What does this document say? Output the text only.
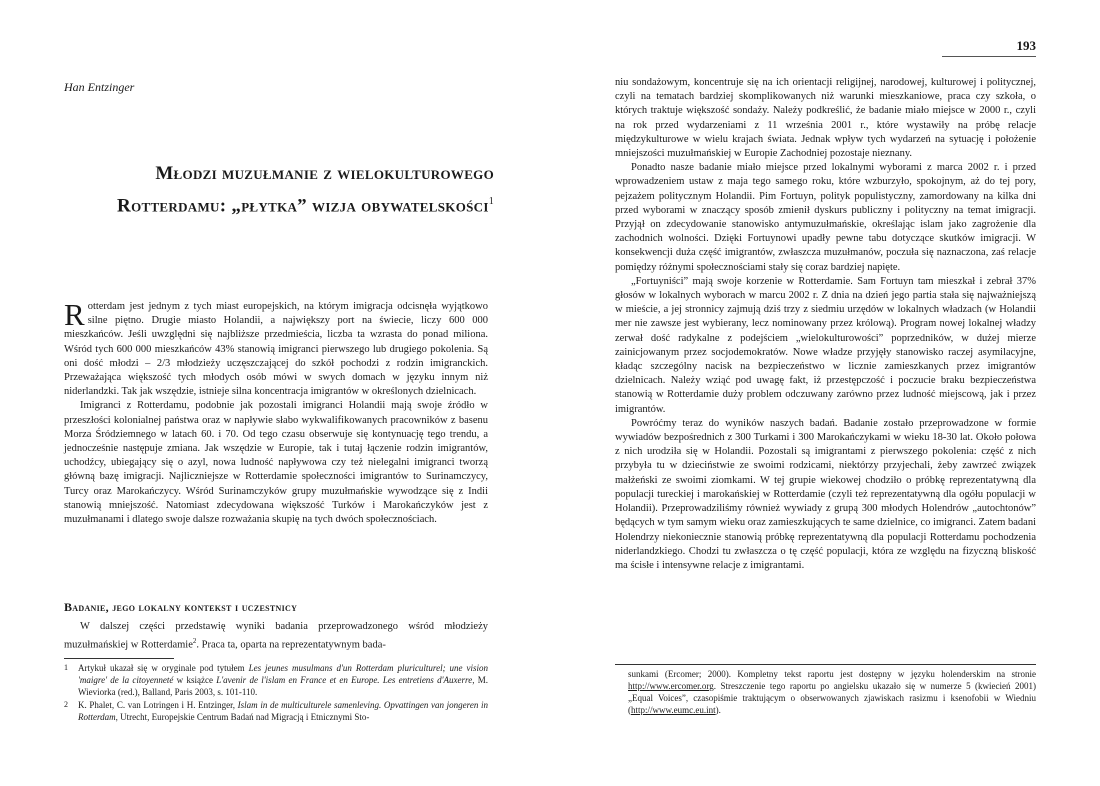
Han Entzinger
Młodzi muzułmanie z wielokulturowego
Rotterdamu: „płytka” wizja obywatelskości$^1$

Rotterdam jest jednym z tych miast europejskich, na którym imigracja odcisnęła wyjątkowo silne piętno. Drugie miasto Holandii, a największy port na świecie, liczy 600 000 mieszkańców. Jeśli uwzględni się najbliższe przedmieścia, liczba ta wzrasta do ponad miliona. Wśród tych 600 000 mieszkańców 43% stanowią imigranci pierwszego lub drugiego pokolenia. Są oni dość młodzi – 2/3 młodzieży uczęszczającej do szkół pochodzi z rodzin imigranckich. Przeważająca większość tych młodych osób mówi w swych domach w języku innym niż niderlandzki. Tak jak wszędzie, istnieje silna koncentracja imigrantów w określonych dzielnicach.

Imigranci z Rotterdamu, podobnie jak pozostali imigranci Holandii mają swoje źródło w przeszłości kolonialnej państwa oraz w napływie słabo wykwalifikowanych pracowników z basenu Morza Śródziemnego w latach 60. i 70. Od tego czasu obserwuje się kontynuację tego trendu, a jednocześnie następuje zmiana. Jak wszędzie w Europie, tak i tutaj łączenie rodzin imigrantów, uchodźcy, ubiegający się o azyl, nowa ludność napływowa czy też nielegalni imigranci tworzą główną bazę imigracji. Najliczniejsze w Rotterdamie społeczności imigrantów to Surinamczycy, Turcy oraz Marokańczycy. Wśród Surinamczyków grupy muzułmańskie wywodzące się z Indii stanowią mniejszość. Natomiast zdecydowana większość Turków i Marokańczyków jest z muzułmanami i dlatego swoje dalsze rozważania skupię na tych dwóch społecznościach.

Badanie, jego lokalny kontekst i uczestnicy
W dalszej części przedstawię wyniki badania przeprowadzonego wśród młodzieży muzułmańskiej w Rotterdamie$^2$. Praca ta, oparta na reprezentatywnym bada-
1 Artykuł ukazał się w oryginale pod tytułem Les jeunes musulmans d'un Rotterdam pluriculturel; une vision 'maigre' de la citoyenneté w książce L'avenir de l'islam en France et en Europe. Les entretiens d'Auxerre, M. Wieviorka (red.), Balland, Paris 2003, s. 101-110.
2 K. Phalet, C. van Lotringen i H. Entzinger, Islam in de multiculturele samenleving. Opvattingen van jongeren in Rotterdam, Utrecht, Europejskie Centrum Badań nad Migracją i Etnicznymi Sto-

niu sondażowym, koncentruje się na ich orientacji religijnej, narodowej, kulturowej i politycznej, czyli na tematach bardziej skomplikowanych niż warunki mieszkaniowe, praca czy szkoła, o których traktuje większość sondaży. Należy podkreślić, że badanie miało miejsce w 2000 r., czyli na rok przed wydarzeniami z 11 września 2001 r., które wystawiły na próbę relacje międzykulturowe w wielu krajach świata. Jednak wpływ tych wydarzeń na sytuację i położenie mniejszości muzułmańskiej w Europie Zachodniej pozostaje nieznany.

Ponadto nasze badanie miało miejsce przed lokalnymi wyborami z marca 2002 r. i przed wprowadzeniem ustaw z maja tego samego roku, które wzburzyło, spokojnym, aż do tej pory, pejzażem politycznym Holandii. Pim Fortuyn, polityk populistyczny, zamordowany na kilka dni przed wyborami w znaczący sposób zmienił dyskurs publiczny i polityczny na temat imigracji. Przyjął on zdecydowanie stanowisko antymuzułmańskie, określając islam jako zagrożenie dla zachodnich wolności. Dzięki Fortuynowi upadły pewne tabu dotyczące skutków imigracji. W konsekwencji duża część imigrantów, zwłaszcza muzułmanów, poczuła się naznaczona, zaś relacje pomiędzy różnymi społecznościami stały się coraz bardziej napięte.

„Fortuyniści” mają swoje korzenie w Rotterdamie. Sam Fortuyn tam mieszkał i zebrał 37% głosów w lokalnych wyborach w marcu 2002 r. Z dnia na dzień jego partia stała się najważniejszą w mieście, a jej stronnicy zajmują dziś trzy z siedmiu urzędów w lokalnych władzach (w Holandii mer nie zawsze jest wybierany, lecz nominowany przez królową). Program nowej lokalnej władzy zerwał dość radykalne z podejściem „wielokulturowości” poprzedników, w dużej mierze zainicjowanym przez socjodemokratów. Nowe władze przyjęły stanowisko raczej asymilacyjne, kładąc szczególny nacisk na bezpieczeństwo w licznie zamieszkanych przez imigrantów dzielnicach. Należy wziąć pod uwagę fakt, iż przestępczość i poczucie braku bezpieczeństwa stanowią w Rotterdamie duży problem odczuwany zarówno przez ludność miejscową, jak i przez imigrantów.

Powróćmy teraz do wyników naszych badań. Badanie zostało przeprowadzone w formie wywiadów bezpośrednich z 300 Turkami i 300 Marokańczykami w wieku 18-30 lat. Około połowa z nich urodziła się w Holandii. Pozostali są imigrantami z pierwszego pokolenia: część z nich przybyła tu w dzieciństwie ze swoimi rodzicami, niektórzy przyjechali, żeby zawrzeć związek małżeński ze swoimi ziomkami. W tej grupie wiekowej chodziło o próbkę reprezentatywną dla populacji tureckiej i marokańskiej w Rotterdamie (czyli też reprezentatywną dla ogółu populacji w Holandii). Przeprowadziliśmy również wywiady z grupą 300 młodych Holendrów „autochtonów” będących w tym samym wieku oraz zamieszkujących te same dzielnice, co imigranci. Zatem badani Holendrzy niekoniecznie stanowią próbkę reprezentatywną dla populacji Rotterdamu pochodzenia niderlandzkiego. Chodzi tu zwłaszcza o tę część populacji, która ze względu na fizyczną bliskość ma ścisłe i intensywne relacje z imigrantami.

sunkami (Ercomer; 2000). Kompletny tekst raportu jest dostępny w języku holenderskim na stronie http://www.ercomer.org. Streszczenie tego raportu po angielsku ukazało się w numerze 5 (kwiecień 2001) „Equal Voices”, czasopiśmie traktującym o obserwowanych zjawiskach rasizmu i ksenofobii w Wiedniu (http://www.eumc.eu.int).
193
